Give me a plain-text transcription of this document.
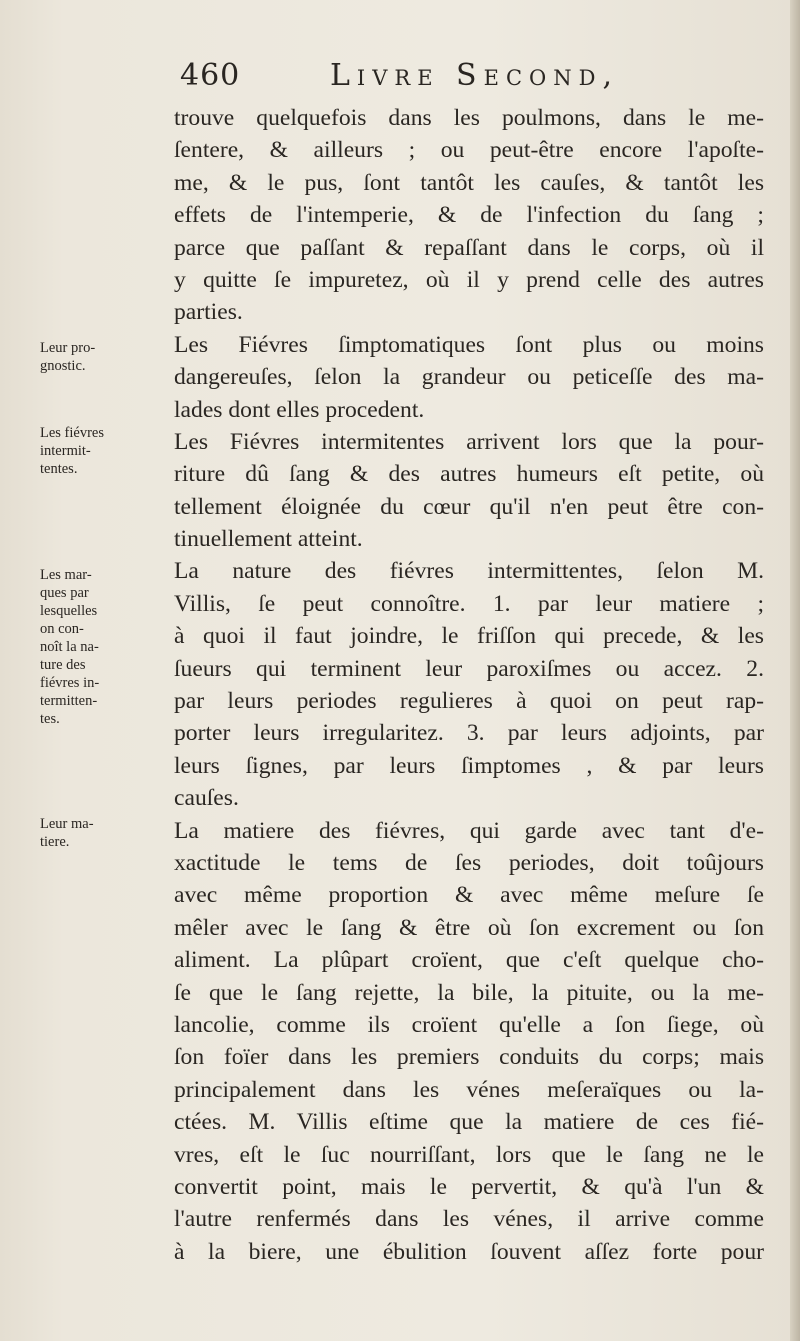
460	Livre Second,
Leur pro-
gnostic.
Les fiévres
intermit-
tentes.
Les mar-
ques par
lesquelles
on con-
noît la na-
ture des
fiévres in-
termitten-
tes.
Leur ma-
tiere.
trouve quelquefois dans les poulmons, dans le me-
ſentere, & ailleurs ; ou peut-être encore l'apoſte-
me, & le pus, ſont tantôt les cauſes, & tantôt les
effets de l'intemperie, & de l'infection du ſang ;
parce que paſſant & repaſſant dans le corps, où il
y quitte ſe impuretez, où il y prend celle des autres
parties.
Les Fiévres ſimptomatiques ſont plus ou moins
dangereuſes, ſelon la grandeur ou peticeſſe des ma-
lades dont elles procedent.
Les Fiévres intermitentes arrivent lors que la pour-
riture dû ſang & des autres humeurs eſt petite, où
tellement éloignée du cœur qu'il n'en peut être con-
tinuellement atteint.
La nature des fiévres intermittentes, ſelon M.
Villis, ſe peut connoître. 1. par leur matiere ;
à quoi il faut joindre, le friſſon qui precede, & les
ſueurs qui terminent leur paroxiſmes ou accez. 2.
par leurs periodes regulieres à quoi on peut rap-
porter leurs irregularitez. 3. par leurs adjoints, par
leurs ſignes, par leurs ſimptomes , & par leurs
cauſes.
La matiere des fiévres, qui garde avec tant d'e-
xactitude le tems de ſes periodes, doit toûjours
avec même proportion & avec même meſure ſe
mêler avec le ſang & être où ſon excrement ou ſon
aliment. La plûpart croïent, que c'eſt quelque cho-
ſe que le ſang rejette, la bile, la pituite, ou la me-
lancolie, comme ils croïent qu'elle a ſon ſiege, où
ſon foïer dans les premiers conduits du corps; mais
principalement dans les vénes meſeraïques ou la-
ctées. M. Villis eſtime que la matiere de ces fié-
vres, eſt le ſuc nourriſſant, lors que le ſang ne le
convertit point, mais le pervertit, & qu'à l'un &
l'autre renfermés dans les vénes, il arrive comme
à la biere, une ébulition ſouvent aſſez forte pour
